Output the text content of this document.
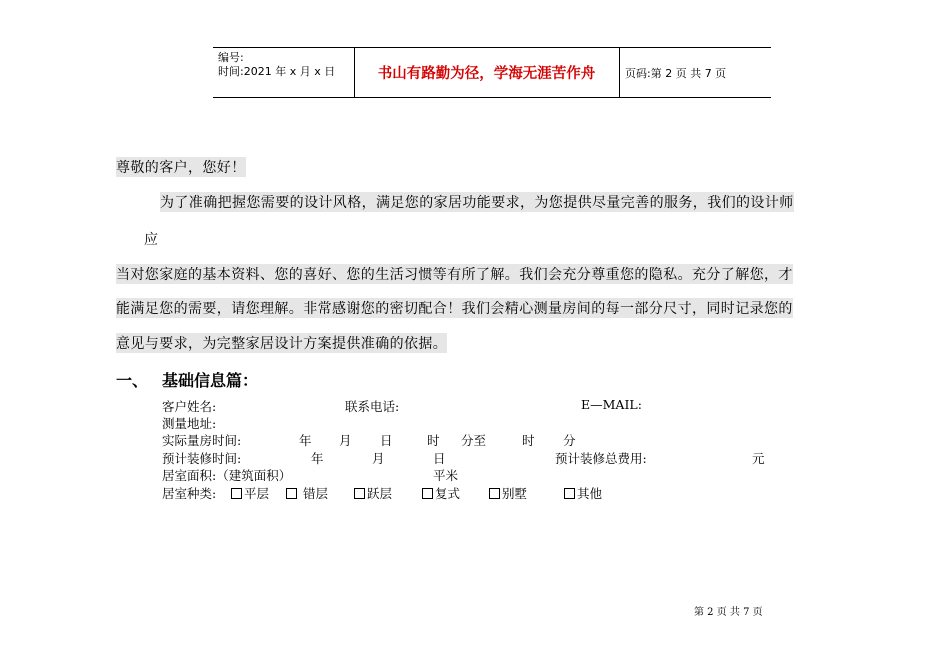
编号:
时间:2021 年 x 月 x 日	书山有路勤为径，学海无涯苦作舟	页码:第 2 页 共 7 页
尊敬的客户，您好！
为了准确把握您需要的设计风格，满足您的家居功能要求，为您提供尽量完善的服务，我们的设计师
应
当对您家庭的基本资料、您的喜好、您的生活习惯等有所了解。我们会充分尊重您的隐私。充分了解您，才
能满足您的需要，请您理解。非常感谢您的密切配合！我们会精心测量房间的每一部分尺寸，同时记录您的
意见与要求，为完整家居设计方案提供准确的依据。
一、 基础信息篇：
客户姓名:	联系电话:	E—MAIL:
测量地址:
实际量房时间:	年 月 日	时 分至	时 分
预计装修时间:	年	月	日	预计装修总费用:	元
居室面积:（建筑面积）	平米
居室种类:	平层	错层	跃层	复式	别墅	其他
第 2 页 共 7 页
